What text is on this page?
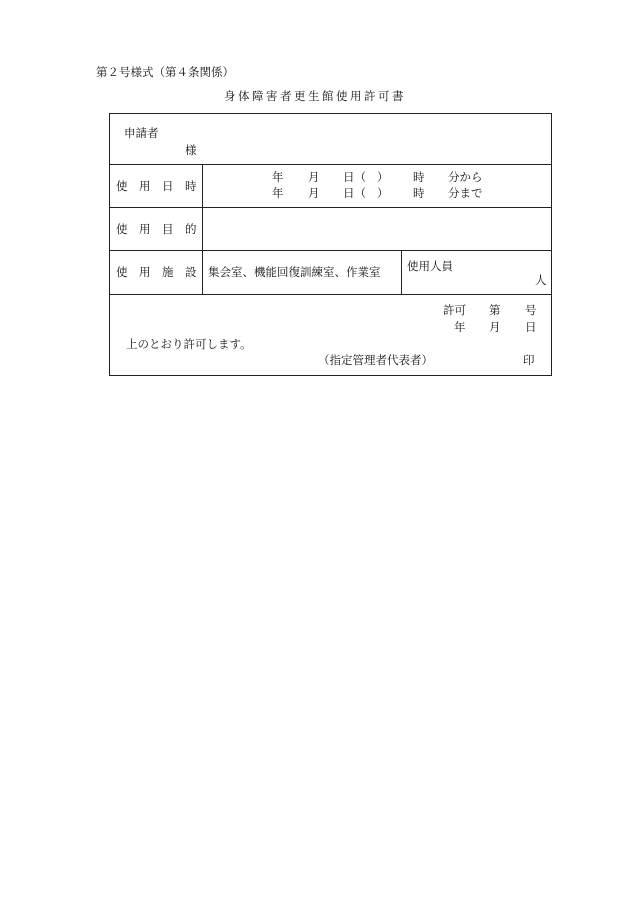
第２号様式（第４条関係）
身体障害者更生館使用許可書
申請者
様
使 用 日 時
年 月 日（ ） 時 分から
年 月 日（ ） 時 分まで
使 用 目 的
使 用 施 設 集会室、機能回復訓練室、作業室 使用人員
人
許可 第 号
年 月 日
上のとおり許可します。
（指定管理者代表者）	印
